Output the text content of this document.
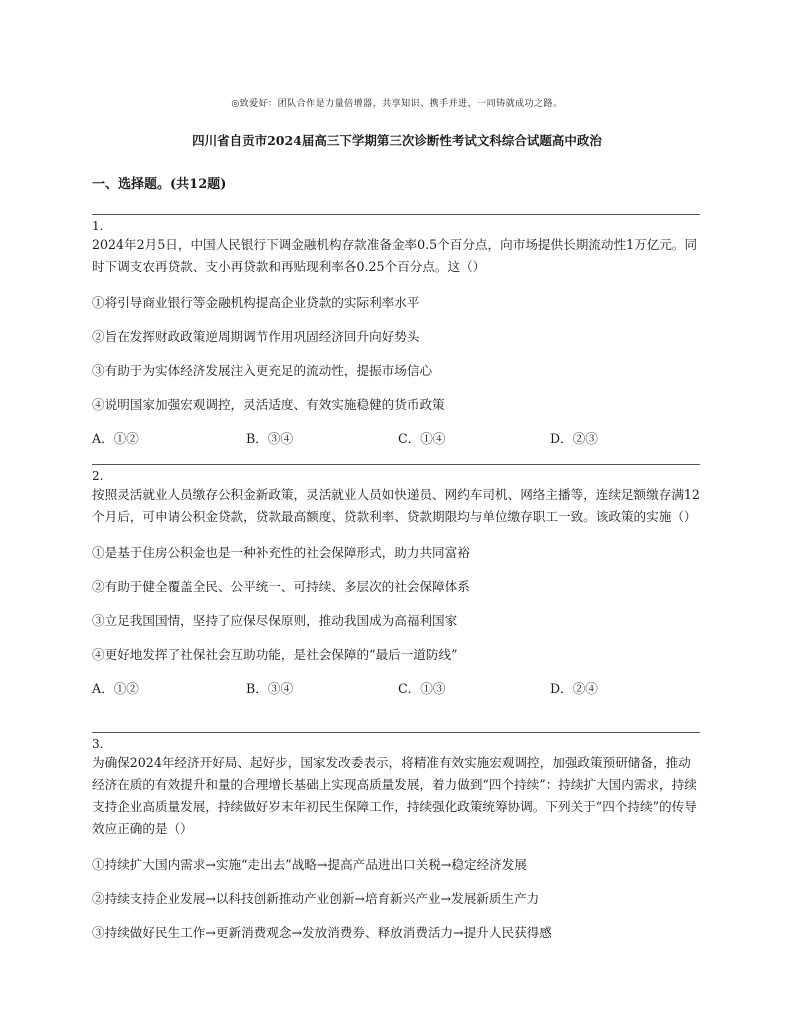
◎致爱好：团队合作是力量倍增器，共享知识、携手并进，一同铸就成功之路。
四川省自贡市2024届高三下学期第三次诊断性考试文科综合试题高中政治
一、选择题。(共12题)
1.

2024年2月5日，中国人民银行下调金融机构存款准备金率0.5个百分点，向市场提供长期流动性1万亿元。同时下调支农再贷款、支小再贷款和再贴现利率各0.25个百分点。这（）

①将引导商业银行等金融机构提高企业贷款的实际利率水平
②旨在发挥财政政策逆周期调节作用巩固经济回升向好势头
③有助于为实体经济发展注入更充足的流动性，提振市场信心
④说明国家加强宏观调控，灵活适度、有效实施稳健的货币政策
A．①②	B．③④	C．①④	D．②③
2.

按照灵活就业人员缴存公积金新政策，灵活就业人员如快递员、网约车司机、网络主播等，连续足额缴存满12个月后，可申请公积金贷款，贷款最高额度、贷款利率、贷款期限均与单位缴存职工一致。该政策的实施（）

①是基于住房公积金也是一种补充性的社会保障形式，助力共同富裕
②有助于健全覆盖全民、公平统一、可持续、多层次的社会保障体系
③立足我国国情，坚持了应保尽保原则，推动我国成为高福利国家
④更好地发挥了社保社会互助功能，是社会保障的“最后一道防线”
A．①②	B．③④	C．①③	D．②④
3.

为确保2024年经济开好局、起好步，国家发改委表示，将精准有效实施宏观调控，加强政策预研储备，推动经济在质的有效提升和量的合理增长基础上实现高质量发展，着力做到“四个持续”：持续扩大国内需求，持续支持企业高质量发展，持续做好岁末年初民生保障工作，持续强化政策统筹协调。下列关于“四个持续”的传导效应正确的是（）

①持续扩大国内需求→实施“走出去”战略→提高产品进出口关税→稳定经济发展
②持续支持企业发展→以科技创新推动产业创新→培育新兴产业→发展新质生产力
③持续做好民生工作→更新消费观念→发放消费券、释放消费活力→提升人民获得感
